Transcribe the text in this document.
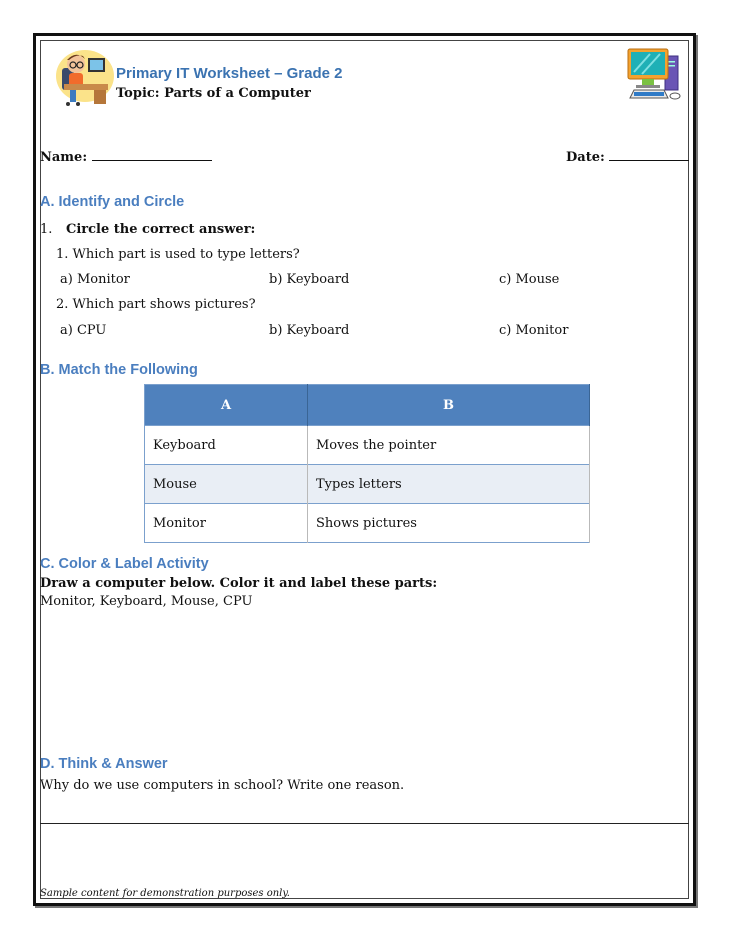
Primary IT Worksheet – Grade 2
Topic: Parts of a Computer
Name:	Date:
A. Identify and Circle
1. Circle the correct answer:
1. Which part is used to type letters?
a) Monitor	b) Keyboard	c) Mouse
2. Which part shows pictures?
a) CPU	b) Keyboard	c) Monitor
B. Match the Following
A	B
Keyboard	Moves the pointer
Mouse	Types letters
Monitor	Shows pictures
C. Color & Label Activity
Draw a computer below. Color it and label these parts:
Monitor, Keyboard, Mouse, CPU
D. Think & Answer
Why do we use computers in school? Write one reason.
Sample content for demonstration purposes only.
